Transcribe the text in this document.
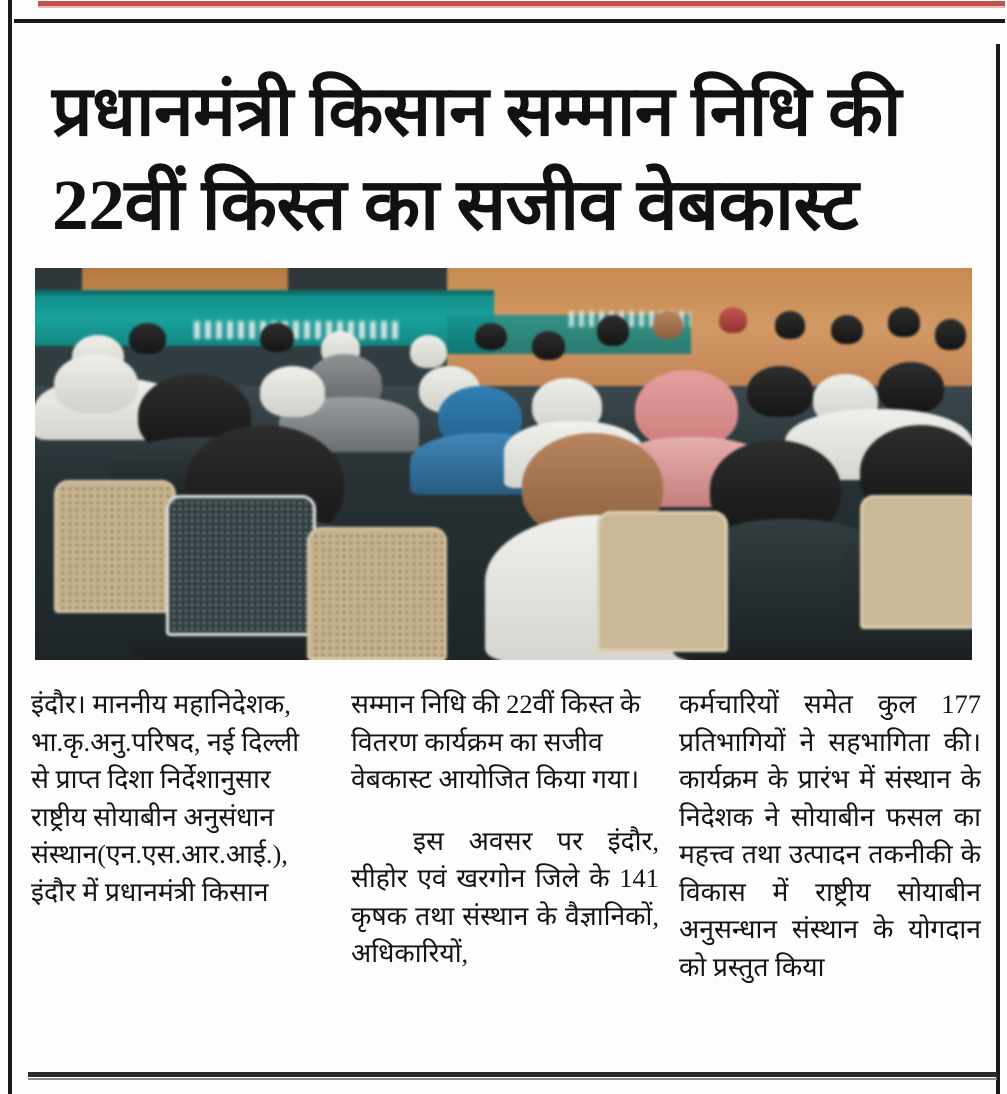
प्रधानमंत्री किसान सम्मान निधि की
22वीं किस्त का सजीव वेबकास्ट

इंदौर। माननीय महानिदेशक, भा.कृ.अनु.परिषद, नई दिल्ली से प्राप्त दिशा निर्देशानुसार राष्ट्रीय सोयाबीन अनुसंधान संस्थान(एन.एस.आर.आई.), इंदौर में प्रधानमंत्री किसान

सम्मान निधि की 22वीं किस्त के वितरण कार्यक्रम का सजीव वेबकास्ट आयोजित किया गया।

इस अवसर पर इंदौर, सीहोर एवं खरगोन जिले के 141 कृषक तथा संस्थान के वैज्ञानिकों, अधिकारियों,

कर्मचारियों समेत कुल 177 प्रतिभागियों ने सहभागिता की। कार्यक्रम के प्रारंभ में संस्थान के निदेशक ने सोयाबीन फसल का महत्त्व तथा उत्पादन तकनीकी के विकास में राष्ट्रीय सोयाबीन अनुसन्धान संस्थान के योगदान को प्रस्तुत किया
